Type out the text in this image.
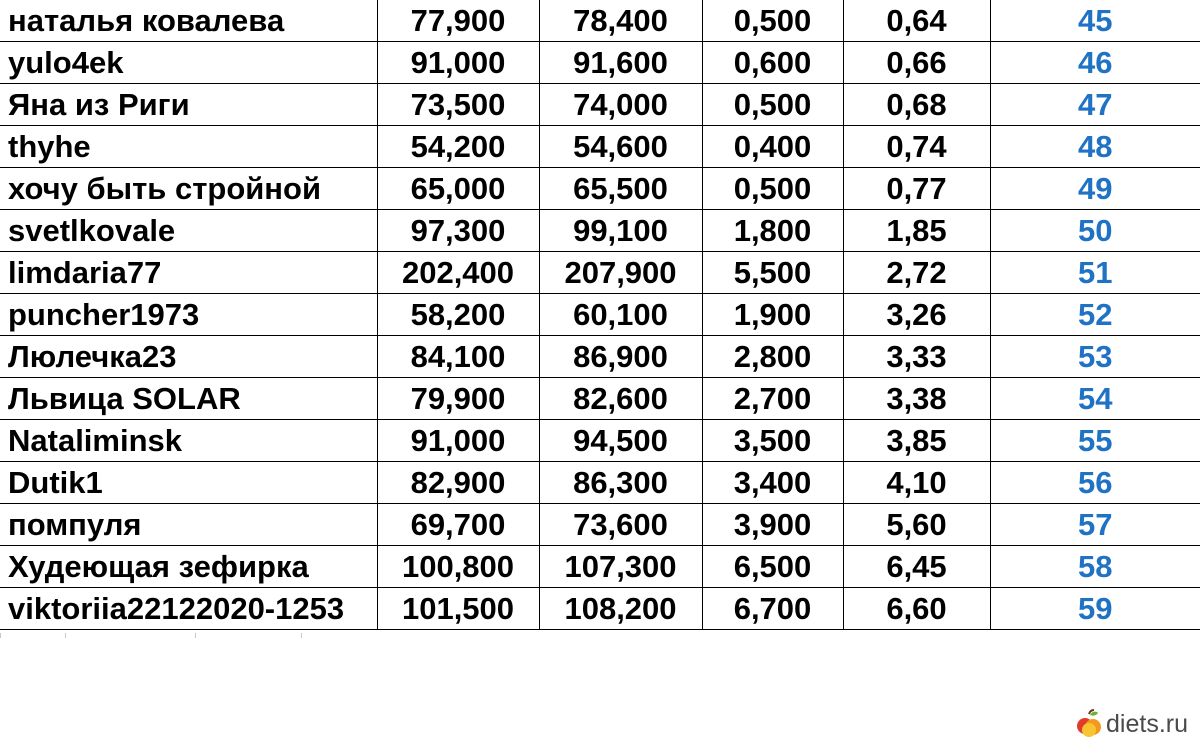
наталья ковалева	77,900	78,400	0,500	0,64	45
yulo4ek	91,000	91,600	0,600	0,66	46
Яна из Риги	73,500	74,000	0,500	0,68	47
thyhe	54,200	54,600	0,400	0,74	48
хочу быть стройной	65,000	65,500	0,500	0,77	49
svetlkovale	97,300	99,100	1,800	1,85	50
limdaria77	202,400	207,900	5,500	2,72	51
puncher1973	58,200	60,100	1,900	3,26	52
Люлечка23	84,100	86,900	2,800	3,33	53
Львица SOLAR	79,900	82,600	2,700	3,38	54
Nataliminsk	91,000	94,500	3,500	3,85	55
Dutik1	82,900	86,300	3,400	4,10	56
помпуля	69,700	73,600	3,900	5,60	57
Худеющая зефирка	100,800	107,300	6,500	6,45	58
viktoriia22122020-1253	101,500	108,200	6,700	6,60	59
diets.ru
